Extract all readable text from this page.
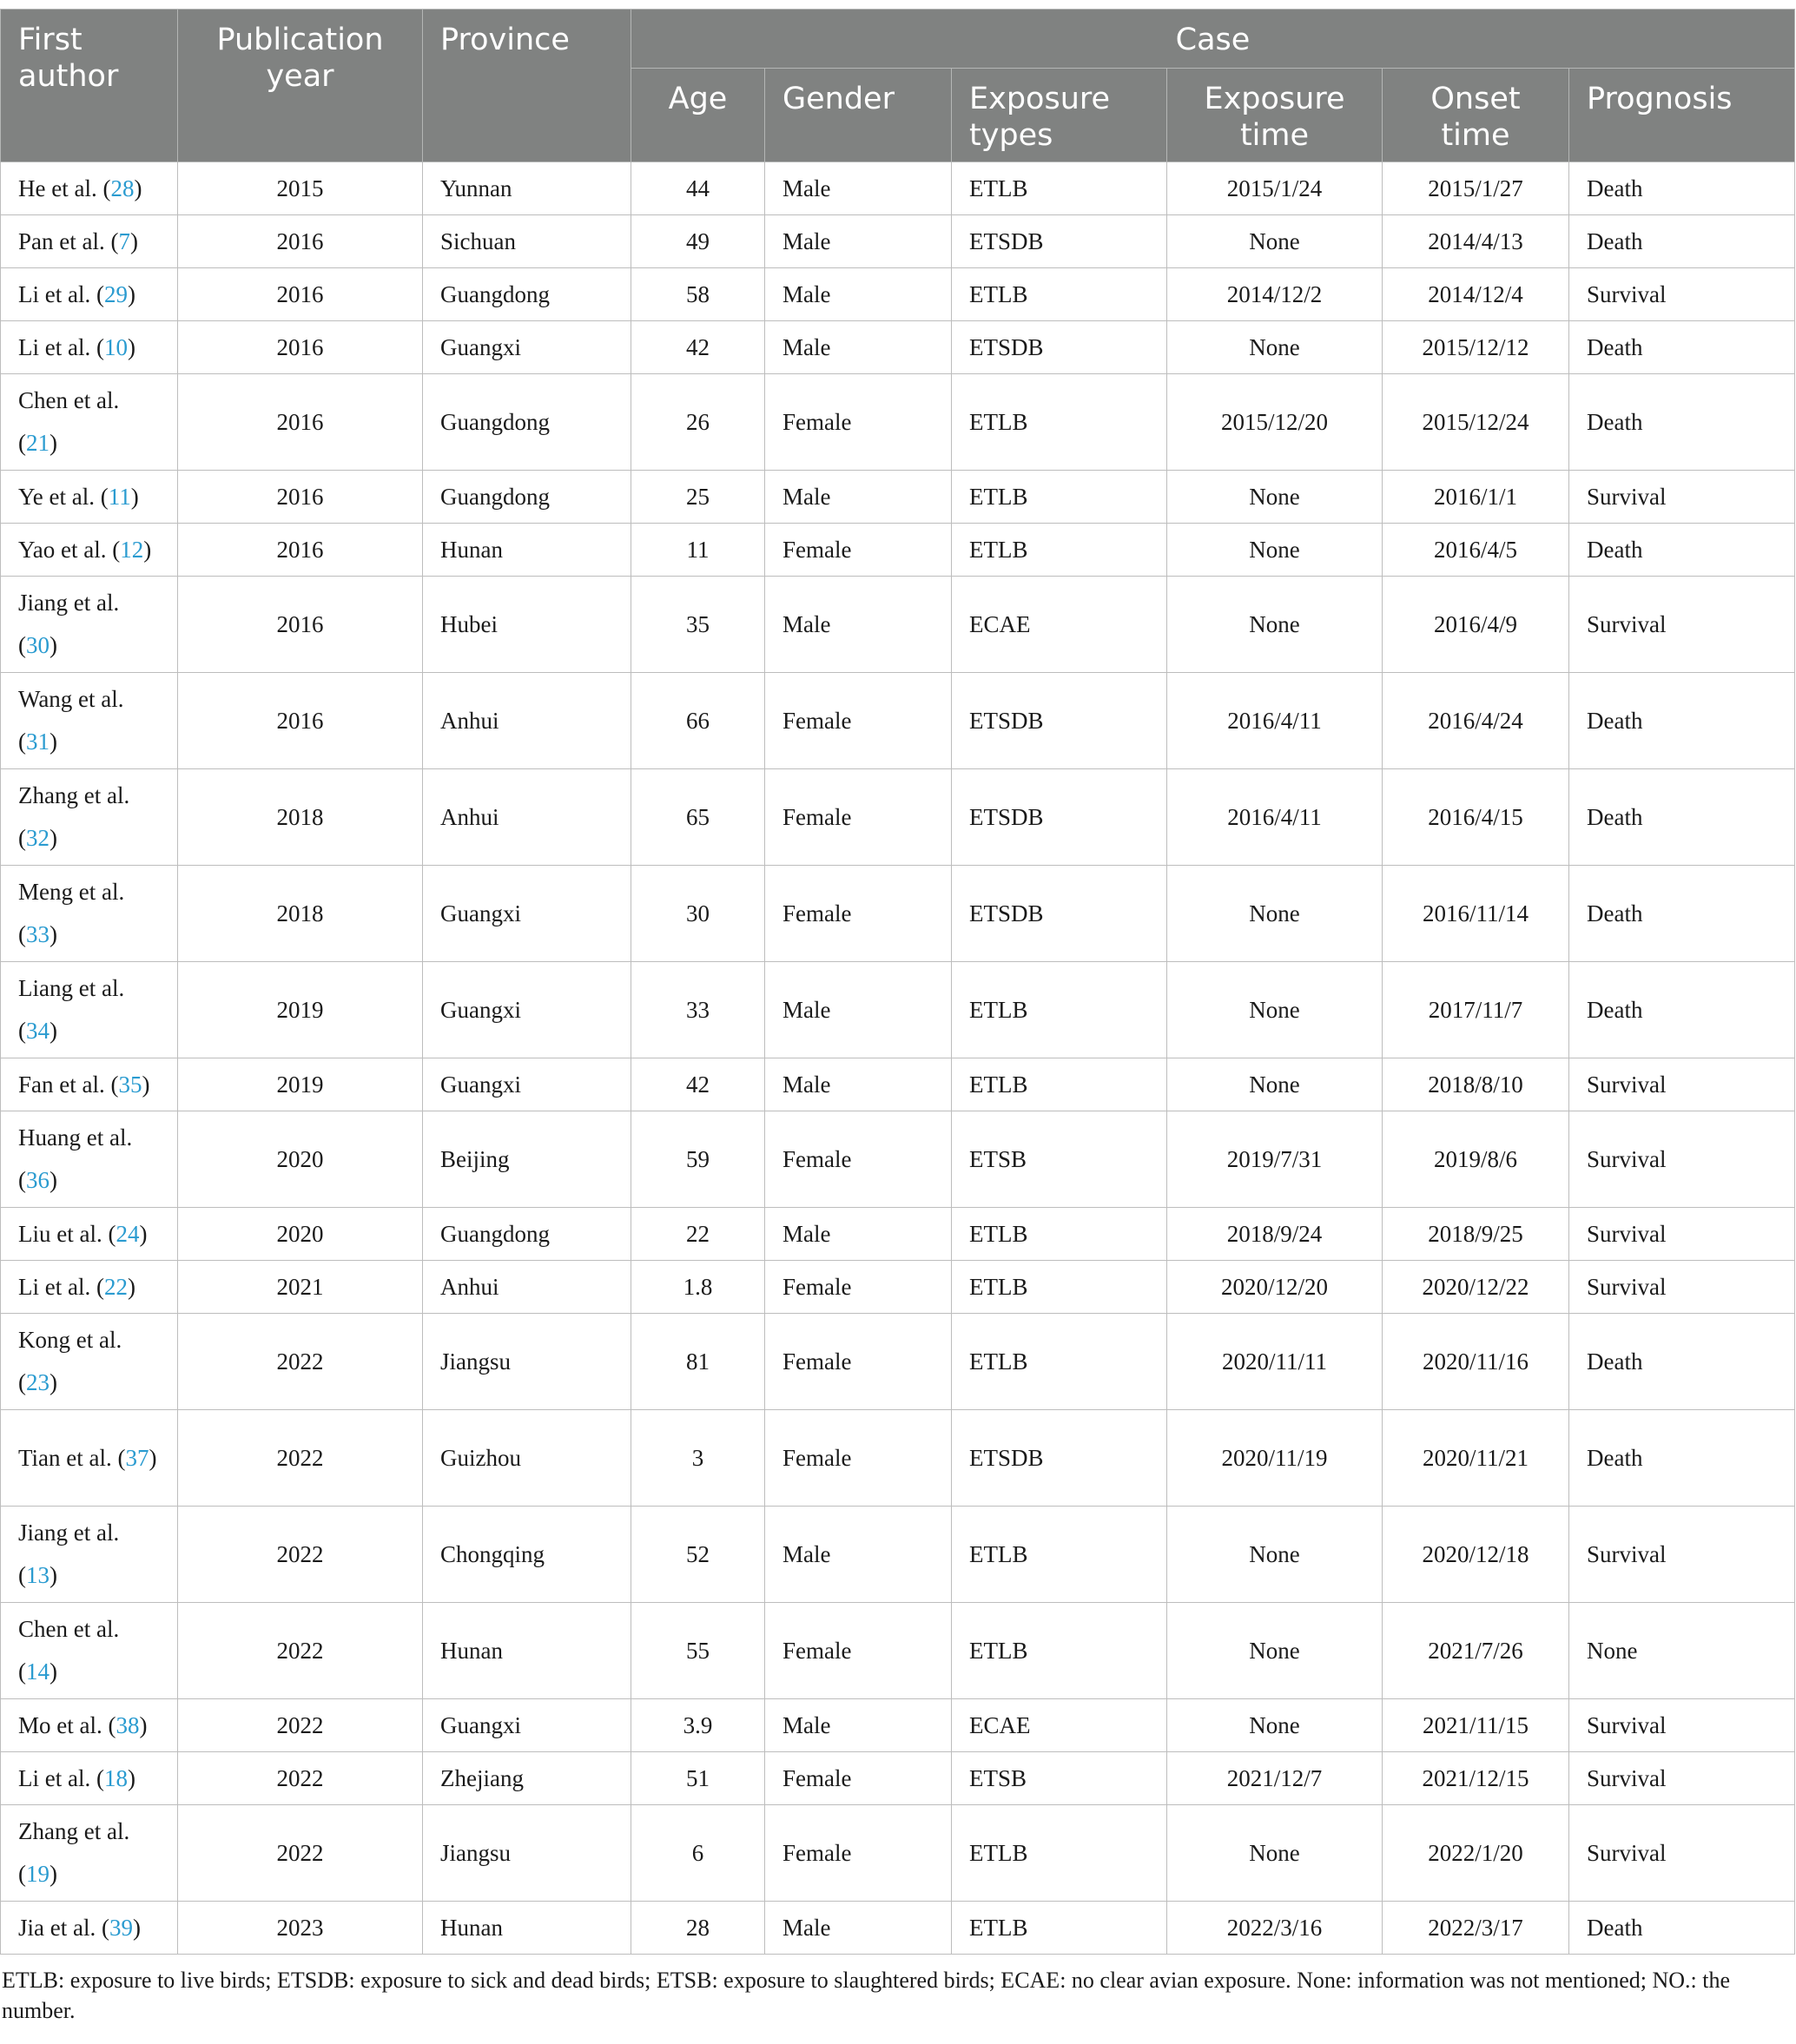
First author	Publication year	Province	Case					
			Age	Gender	Exposure types	Exposure time	Onset time	Prognosis
He et al. (28)	2015	Yunnan	44	Male	ETLB	2015/1/24	2015/1/27	Death
Pan et al. (7)	2016	Sichuan	49	Male	ETSDB	None	2014/4/13	Death
Li et al. (29)	2016	Guangdong	58	Male	ETLB	2014/12/2	2014/12/4	Survival
Li et al. (10)	2016	Guangxi	42	Male	ETSDB	None	2015/12/12	Death
Chen et al. (21)	2016	Guangdong	26	Female	ETLB	2015/12/20	2015/12/24	Death
Ye et al. (11)	2016	Guangdong	25	Male	ETLB	None	2016/1/1	Survival
Yao et al. (12)	2016	Hunan	11	Female	ETLB	None	2016/4/5	Death
Jiang et al. (30)	2016	Hubei	35	Male	ECAE	None	2016/4/9	Survival
Wang et al. (31)	2016	Anhui	66	Female	ETSDB	2016/4/11	2016/4/24	Death
Zhang et al. (32)	2018	Anhui	65	Female	ETSDB	2016/4/11	2016/4/15	Death
Meng et al. (33)	2018	Guangxi	30	Female	ETSDB	None	2016/11/14	Death
Liang et al. (34)	2019	Guangxi	33	Male	ETLB	None	2017/11/7	Death
Fan et al. (35)	2019	Guangxi	42	Male	ETLB	None	2018/8/10	Survival
Huang et al. (36)	2020	Beijing	59	Female	ETSB	2019/7/31	2019/8/6	Survival
Liu et al. (24)	2020	Guangdong	22	Male	ETLB	2018/9/24	2018/9/25	Survival
Li et al. (22)	2021	Anhui	1.8	Female	ETLB	2020/12/20	2020/12/22	Survival
Kong et al. (23)	2022	Jiangsu	81	Female	ETLB	2020/11/11	2020/11/16	Death
Tian et al. (37)	2022	Guizhou	3	Female	ETSDB	2020/11/19	2020/11/21	Death
Jiang et al. (13)	2022	Chongqing	52	Male	ETLB	None	2020/12/18	Survival
Chen et al. (14)	2022	Hunan	55	Female	ETLB	None	2021/7/26	None
Mo et al. (38)	2022	Guangxi	3.9	Male	ECAE	None	2021/11/15	Survival
Li et al. (18)	2022	Zhejiang	51	Female	ETSB	2021/12/7	2021/12/15	Survival
Zhang et al. (19)	2022	Jiangsu	6	Female	ETLB	None	2022/1/20	Survival
Jia et al. (39)	2023	Hunan	28	Male	ETLB	2022/3/16	2022/3/17	Death
ETLB: exposure to live birds; ETSDB: exposure to sick and dead birds; ETSB: exposure to slaughtered birds; ECAE: no clear avian exposure. None: information was not mentioned; NO.: the number.
